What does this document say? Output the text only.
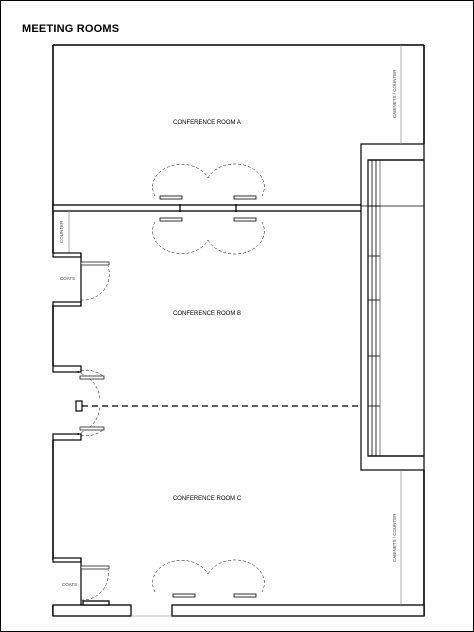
MEETING ROOMS
CABINETS / COUNTER
CABINETS / COUNTER
COUNTER
COATS
COATS
CONFERENCE ROOM A
CONFERENCE ROOM B
CONFERENCE ROOM C
